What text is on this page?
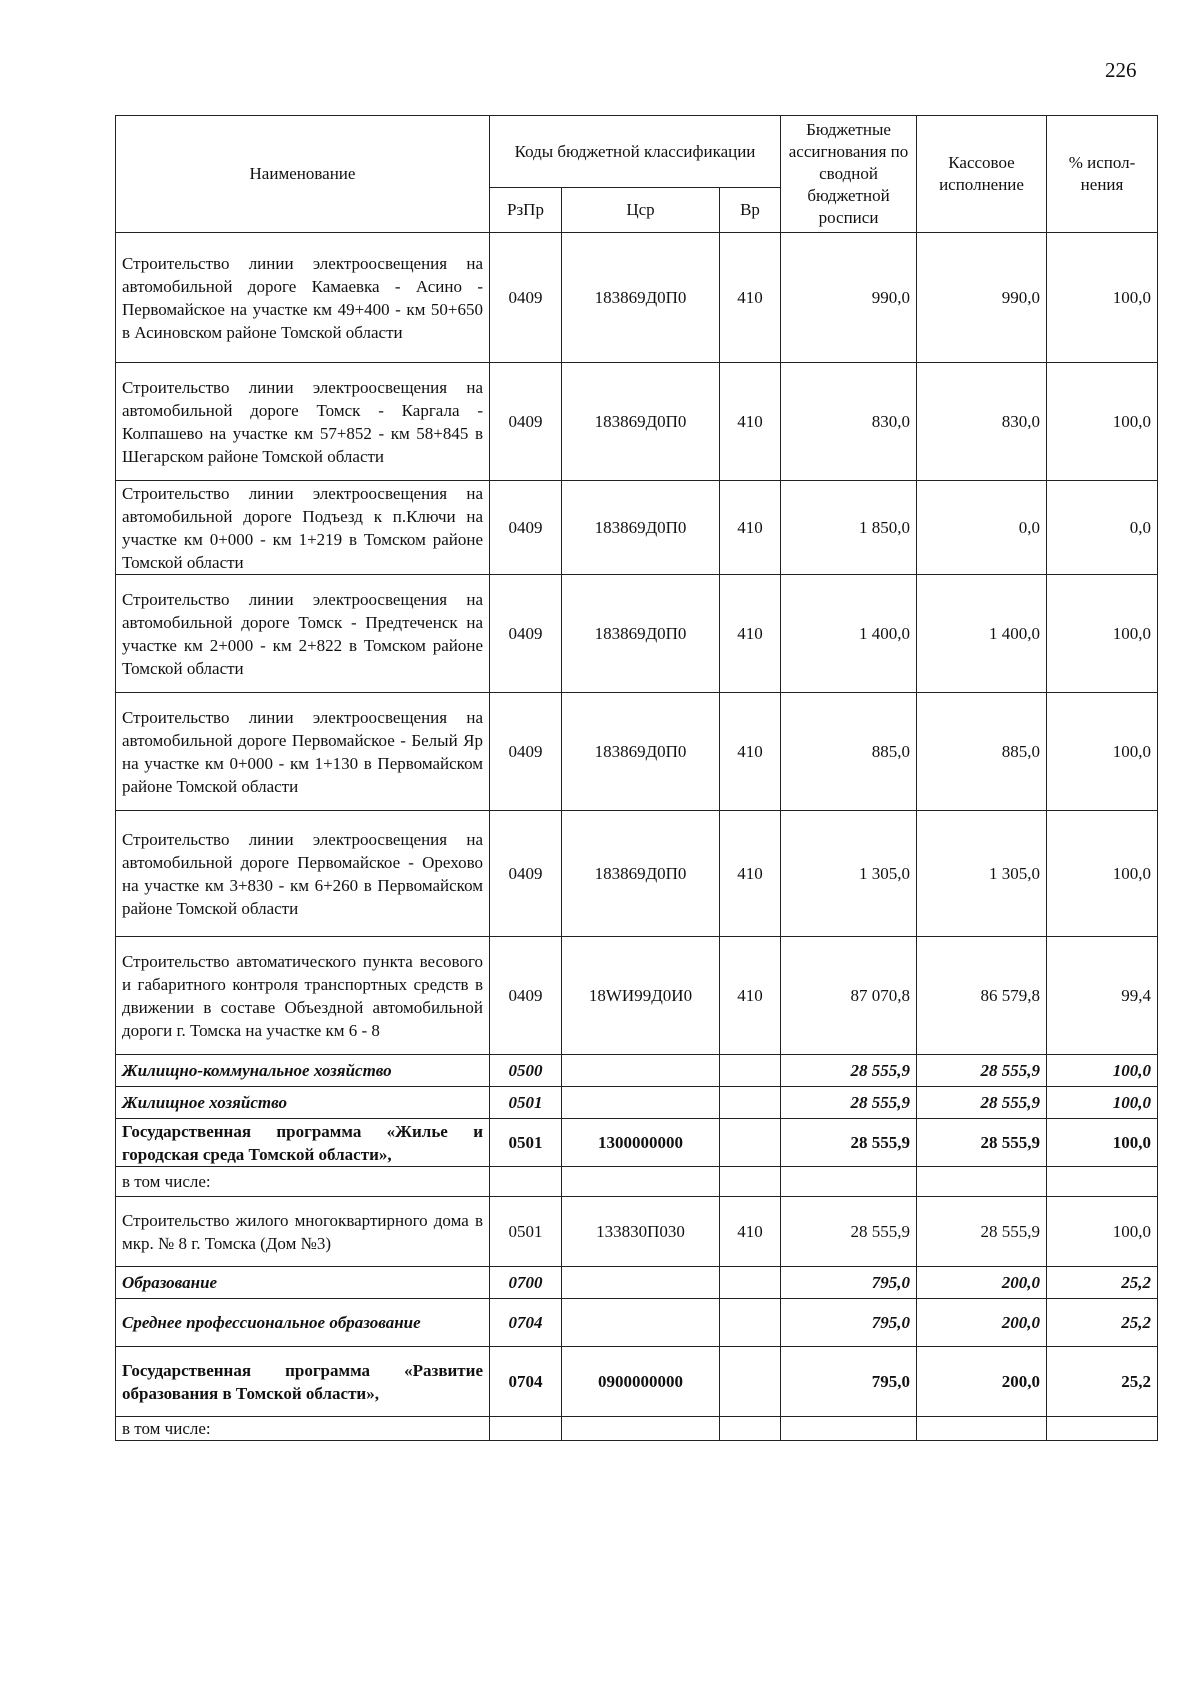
226
Наименование	Коды бюджетной классификации			Бюджетные ассигнования по сводной бюджетной росписи	Кассовое исполнение	% испол-нения
	РзПр	Цср	Вр			
Строительство линии электроосвещения на автомобильной дороге Камаевка - Асино - Первомайское на участке км 49+400 - км 50+650 в Асиновском районе Томской области	0409	183869Д0П0	410	990,0	990,0	100,0
Строительство линии электроосвещения на автомобильной дороге Томск - Каргала - Колпашево на участке км 57+852 - км 58+845 в Шегарском районе Томской области	0409	183869Д0П0	410	830,0	830,0	100,0
Строительство линии электроосвещения на автомобильной дороге Подъезд к п.Ключи на участке км 0+000 - км 1+219 в Томском районе Томской области	0409	183869Д0П0	410	1 850,0	0,0	0,0
Строительство линии электроосвещения на автомобильной дороге Томск - Предтеченск на участке км 2+000 - км 2+822 в Томском районе Томской области	0409	183869Д0П0	410	1 400,0	1 400,0	100,0
Строительство линии электроосвещения на автомобильной дороге Первомайское - Белый Яр на участке км 0+000 - км 1+130 в Первомайском районе Томской области	0409	183869Д0П0	410	885,0	885,0	100,0
Строительство линии электроосвещения на автомобильной дороге Первомайское - Орехово на участке км 3+830 - км 6+260 в Первомайском районе Томской области	0409	183869Д0П0	410	1 305,0	1 305,0	100,0
Строительство автоматического пункта весового и габаритного контроля транспортных средств в движении в составе Объездной автомобильной дороги г. Томска на участке км 6 - 8	0409	18WИ99Д0И0	410	87 070,8	86 579,8	99,4
Жилищно-коммунальное хозяйство	0500			28 555,9	28 555,9	100,0
Жилищное хозяйство	0501			28 555,9	28 555,9	100,0
Государственная программа «Жилье и городская среда Томской области»,	0501	1300000000		28 555,9	28 555,9	100,0
в том числе:						
Строительство жилого многоквартирного дома в мкр. № 8 г. Томска (Дом №3)	0501	133830П030	410	28 555,9	28 555,9	100,0
Образование	0700			795,0	200,0	25,2
Среднее профессиональное образование	0704			795,0	200,0	25,2
Государственная программа «Развитие образования в Томской области»,	0704	0900000000		795,0	200,0	25,2
в том числе:						
